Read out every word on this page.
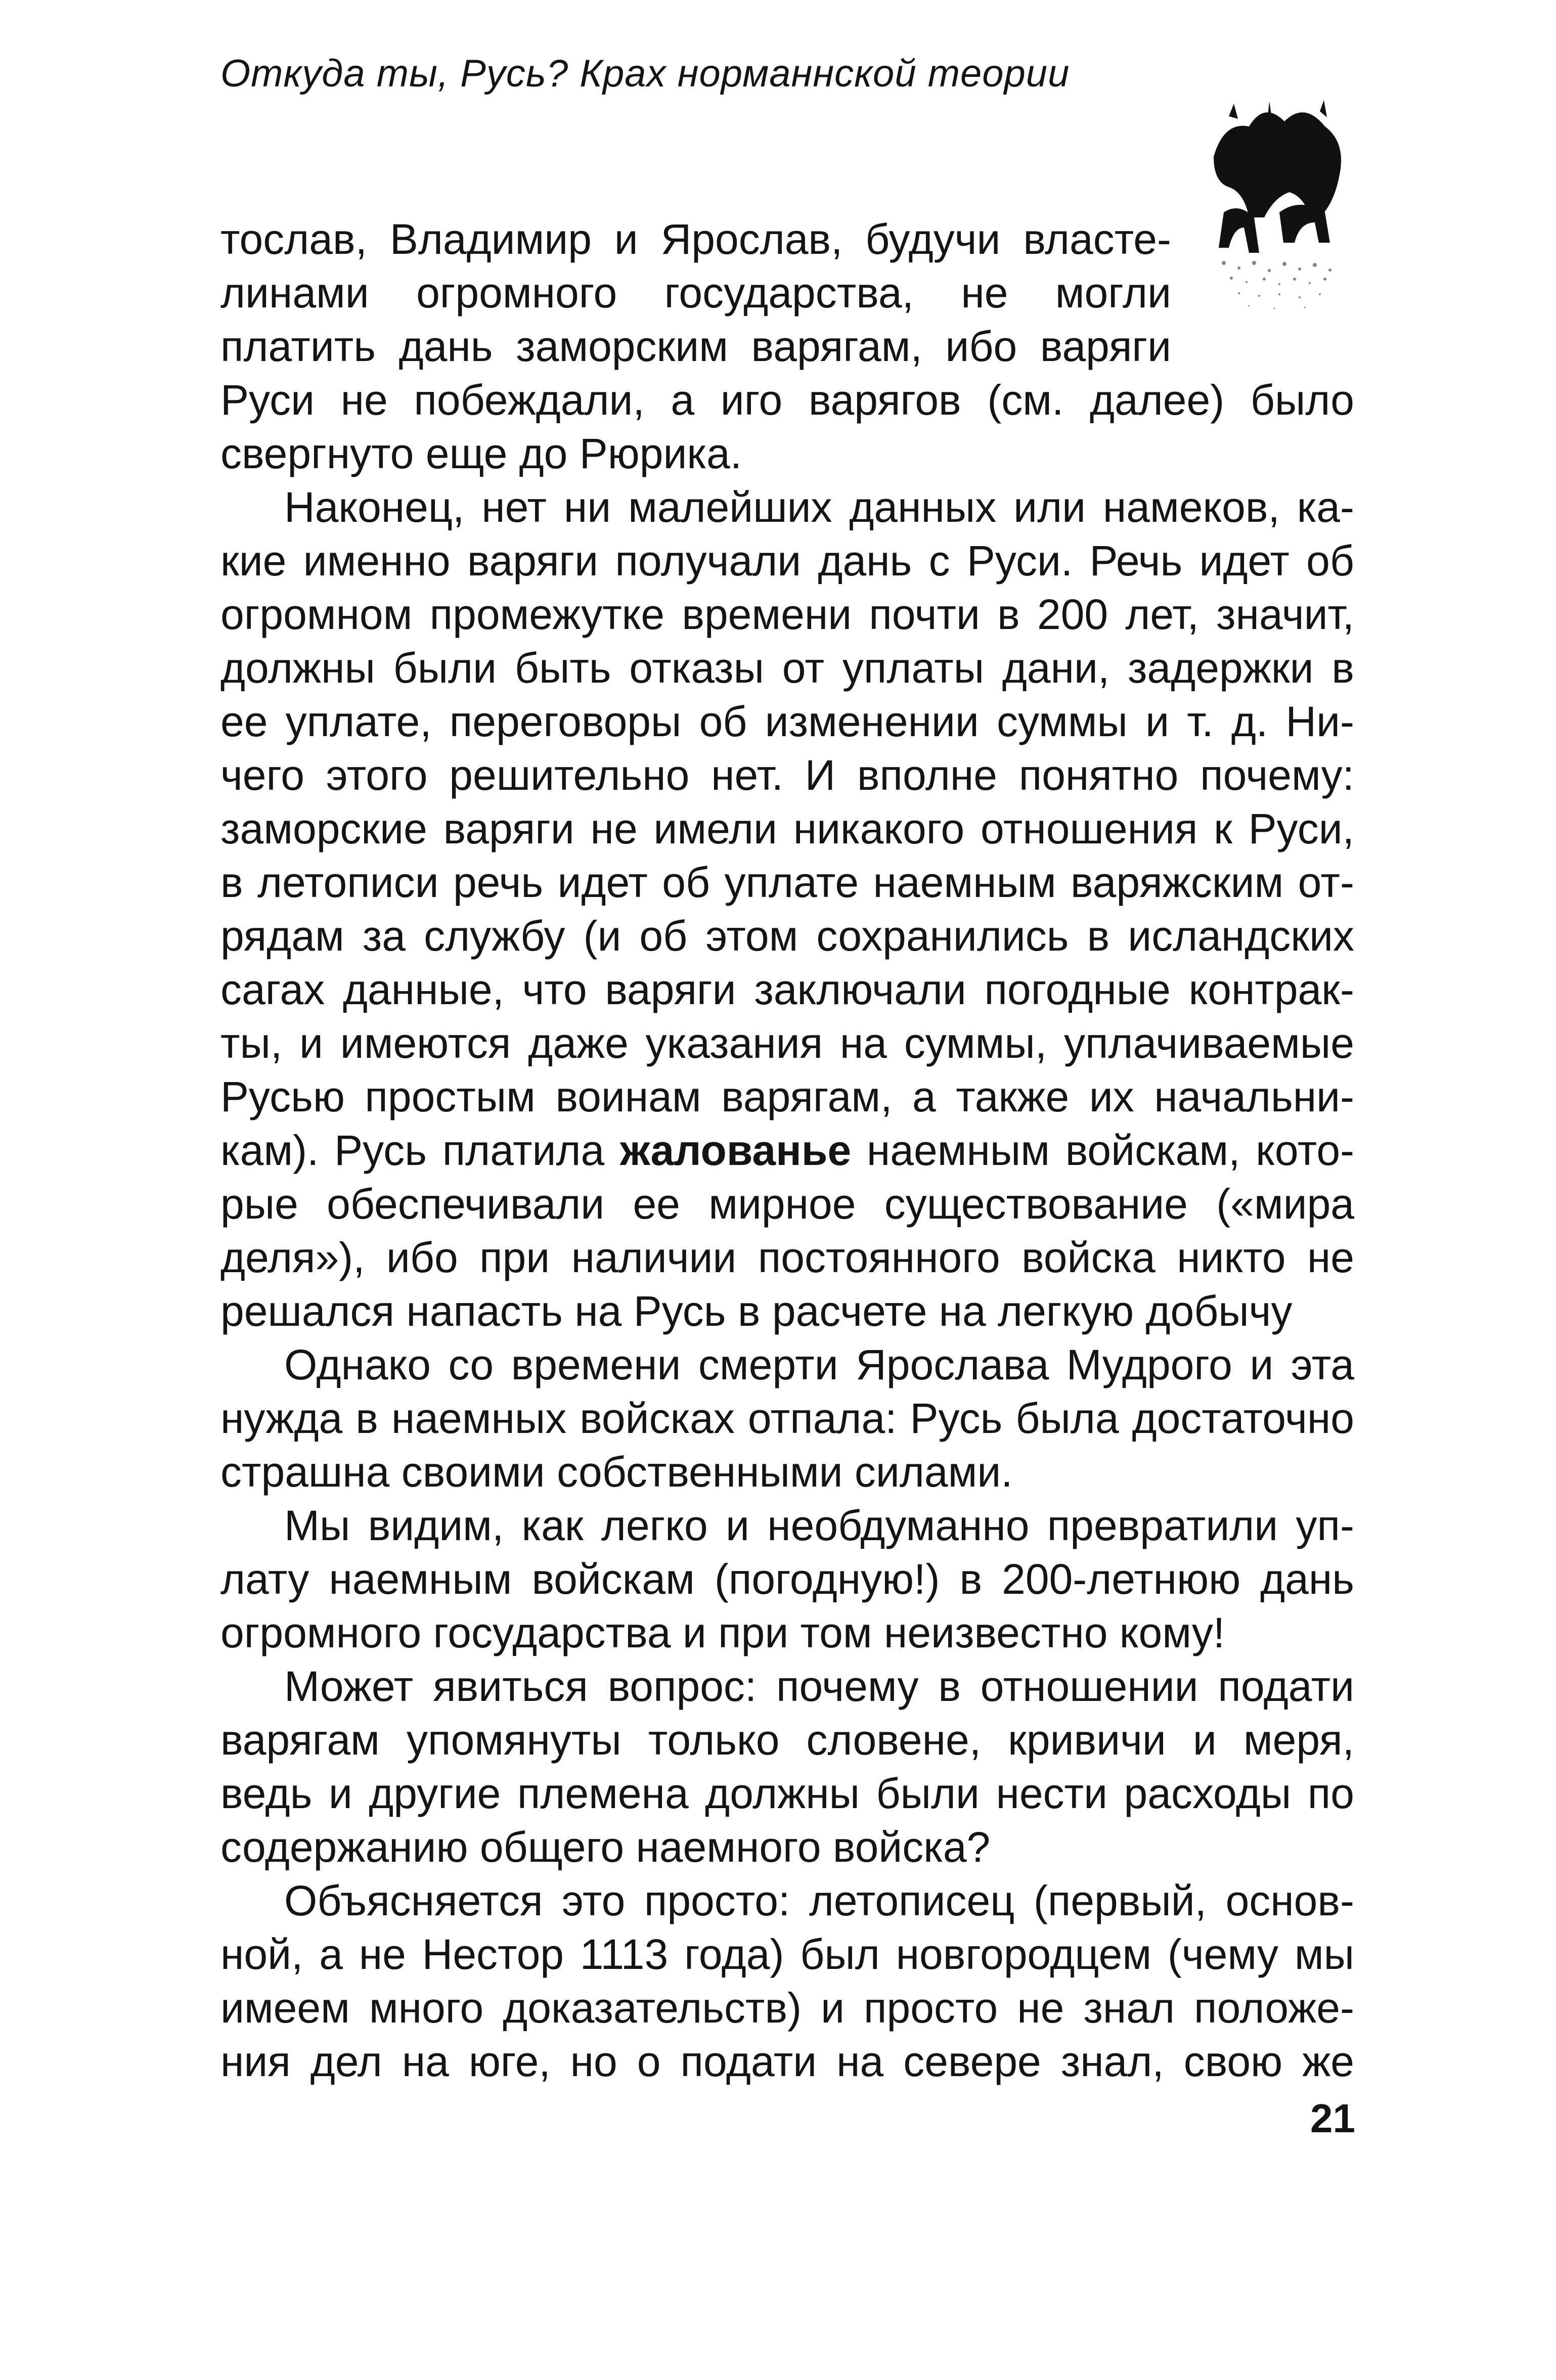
Откуда ты, Русь? Крах норманнской теории
тослав, Владимир и Ярослав, будучи власте-
линами огромного государства, не могли
платить дань заморским варягам, ибо варяги
Руси не побеждали, а иго варягов (см. далее) было
свергнуто еще до Рюрика.
Наконец, нет ни малейших данных или намеков, ка-
кие именно варяги получали дань с Руси. Речь идет об
огромном промежутке времени почти в 200 лет, значит,
должны были быть отказы от уплаты дани, задержки в
ее уплате, переговоры об изменении суммы и т. д. Ни-
чего этого решительно нет. И вполне понятно почему:
заморские варяги не имели никакого отношения к Руси,
в летописи речь идет об уплате наемным варяжским от-
рядам за службу (и об этом сохранились в исландских
сагах данные, что варяги заключали погодные контрак-
ты, и имеются даже указания на суммы, уплачиваемые
Русью простым воинам варягам, а также их начальни-
кам). Русь платила жалованье наемным войскам, кото-
рые обеспечивали ее мирное существование («мира
деля»), ибо при наличии постоянного войска никто не
решался напасть на Русь в расчете на легкую добычу
Однако со времени смерти Ярослава Мудрого и эта
нужда в наемных войсках отпала: Русь была достаточно
страшна своими собственными силами.
Мы видим, как легко и необдуманно превратили уп-
лату наемным войскам (погодную!) в 200-летнюю дань
огромного государства и при том неизвестно кому!
Может явиться вопрос: почему в отношении подати
варягам упомянуты только словене, кривичи и меря,
ведь и другие племена должны были нести расходы по
содержанию общего наемного войска?
Объясняется это просто: летописец (первый, основ-
ной, а не Нестор 1113 года) был новгородцем (чему мы
имеем много доказательств) и просто не знал положе-
ния дел на юге, но о подати на севере знал, свою же
21
